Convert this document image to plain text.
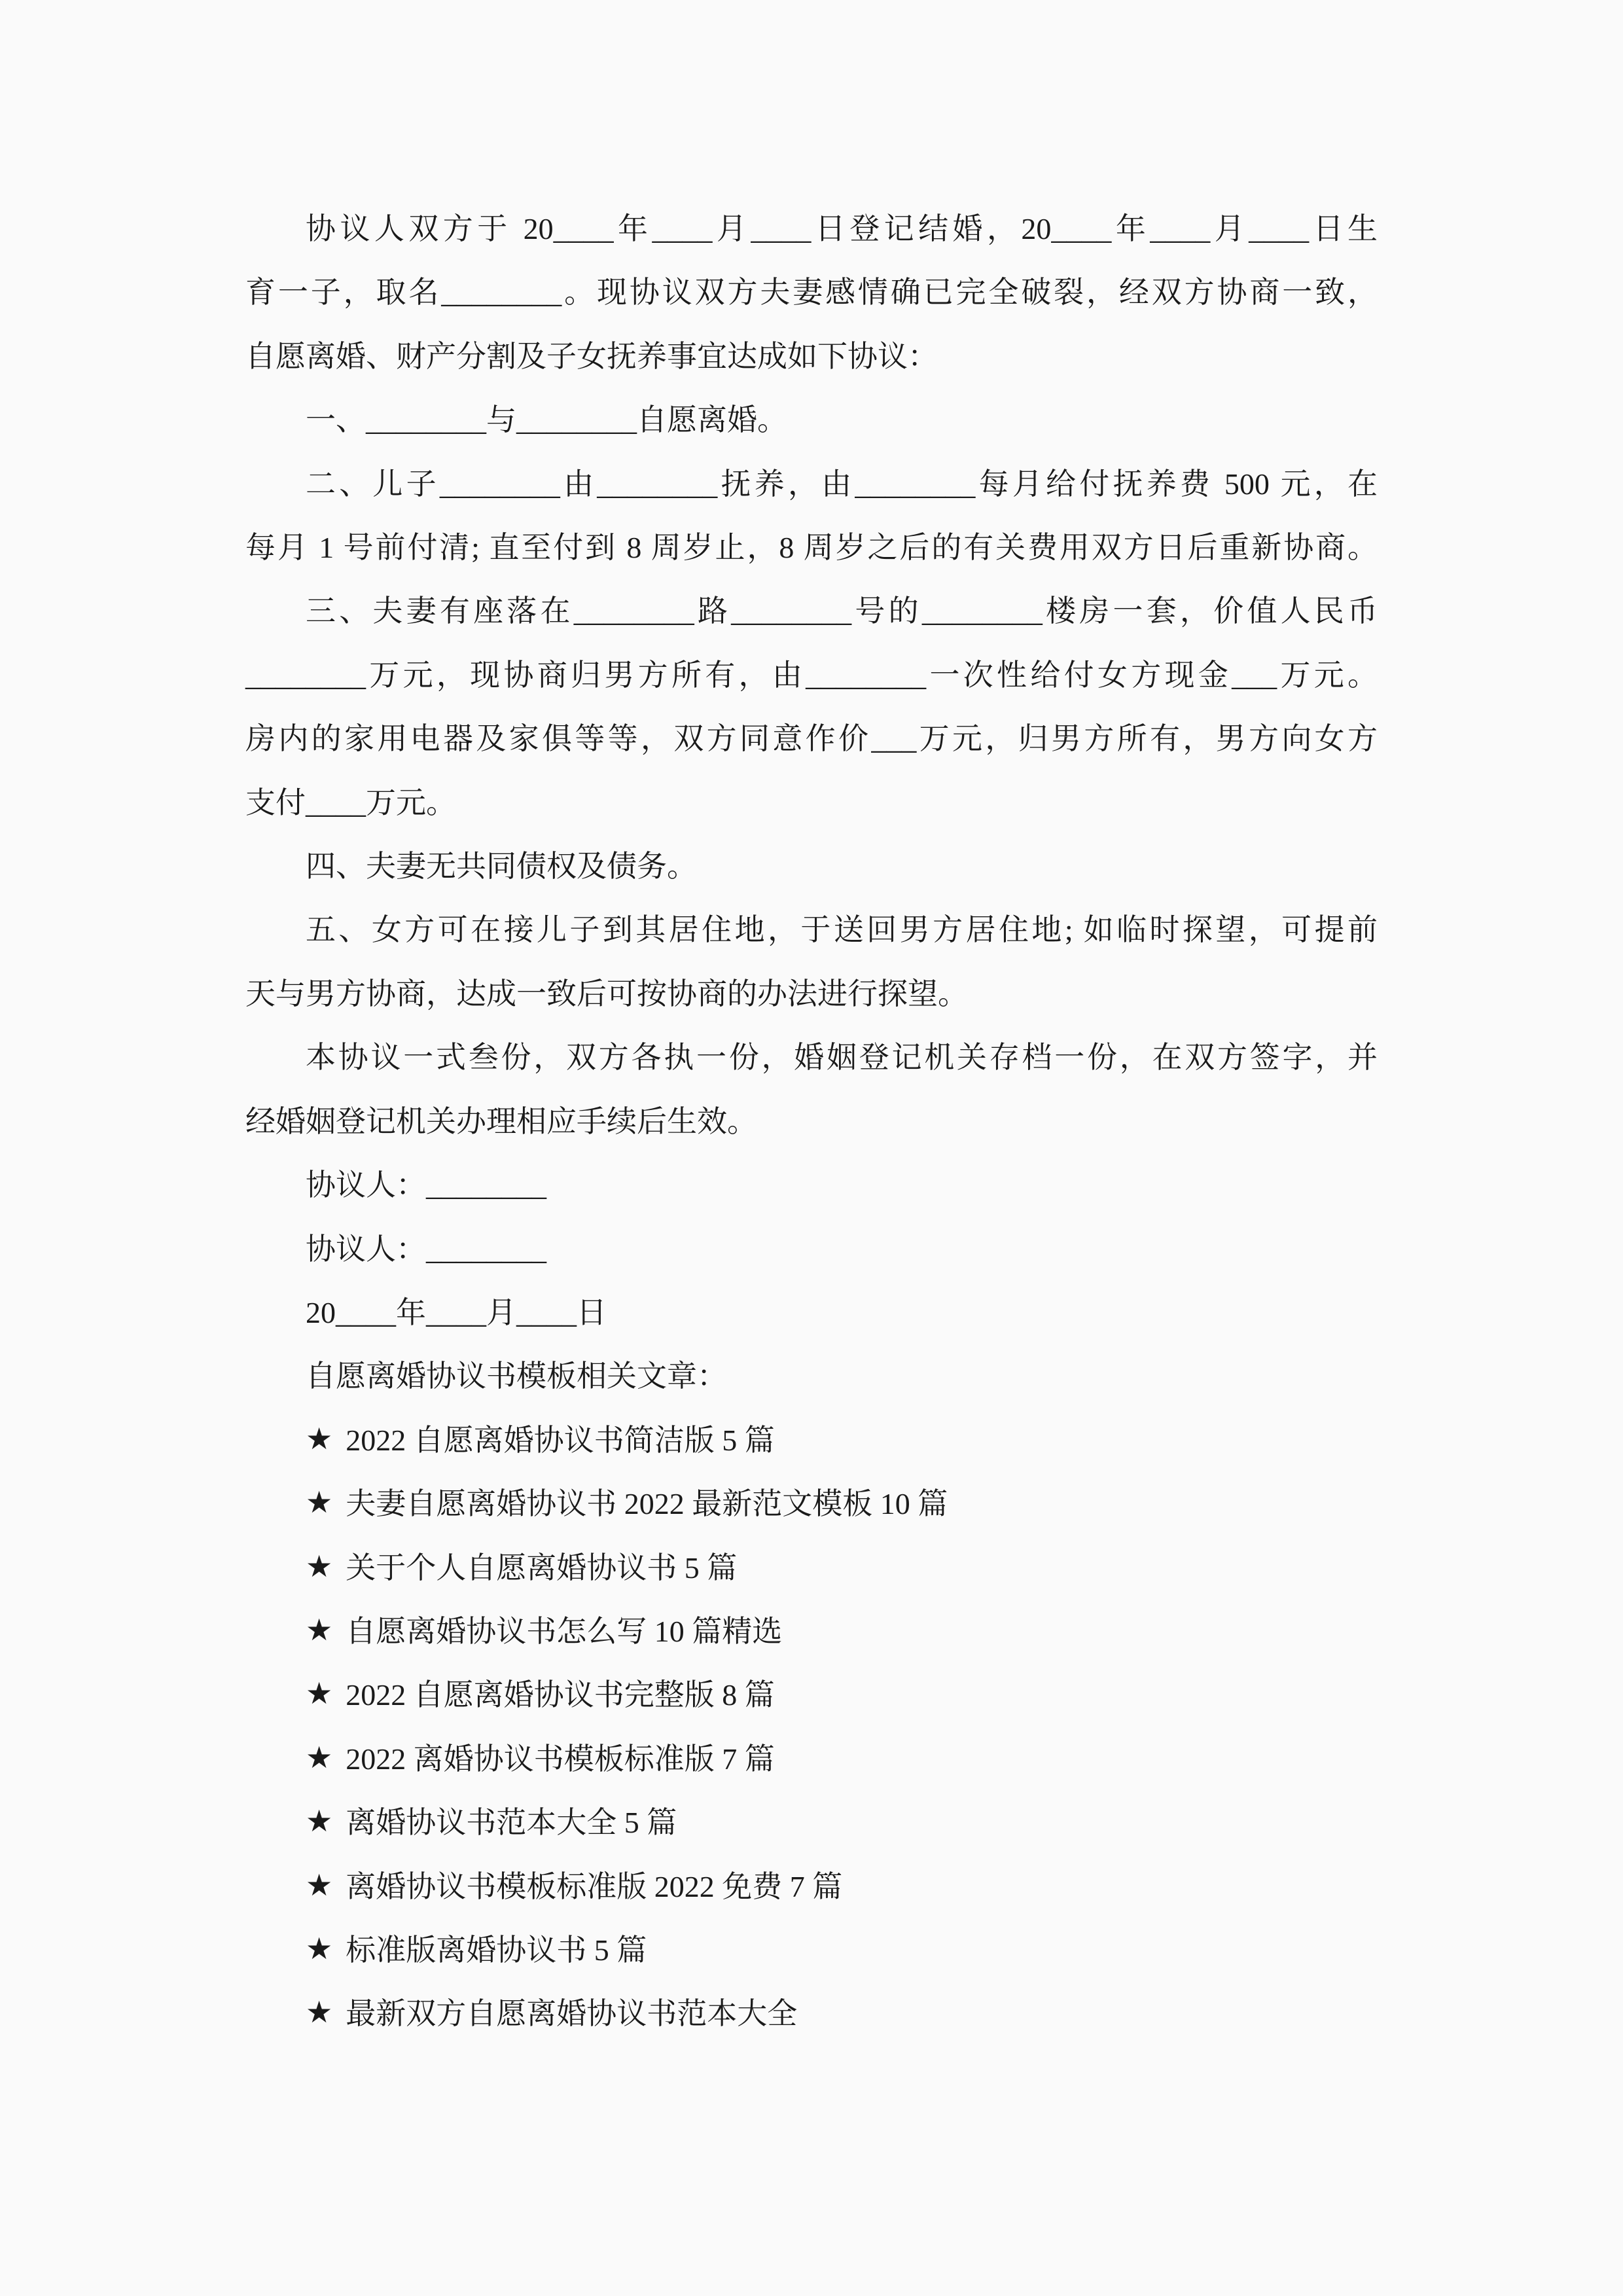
协议人双方于 20____年____月____日登记结婚，20____年____月____日生
育一子，取名________。现协议双方夫妻感情确已完全破裂，经双方协商一致，
自愿离婚、财产分割及子女抚养事宜达成如下协议：
一、________与________自愿离婚。
二、儿子________由________抚养，由________每月给付抚养费 500 元，在
每月 1 号前付清; 直至付到 8 周岁止，8 周岁之后的有关费用双方日后重新协商。
三、夫妻有座落在________路________号的________楼房一套，价值人民币
________万元，现协商归男方所有，由________一次性给付女方现金___万元。
房内的家用电器及家俱等等，双方同意作价___万元，归男方所有，男方向女方
支付____万元。
四、夫妻无共同债权及债务。
五、女方可在接儿子到其居住地，于送回男方居住地; 如临时探望，可提前
天与男方协商，达成一致后可按协商的办法进行探望。
本协议一式叁份，双方各执一份，婚姻登记机关存档一份，在双方签字，并
经婚姻登记机关办理相应手续后生效。
协议人：________
协议人：________
20____年____月____日
自愿离婚协议书模板相关文章：
★ 2022 自愿离婚协议书简洁版 5 篇
★ 夫妻自愿离婚协议书 2022 最新范文模板 10 篇
★ 关于个人自愿离婚协议书 5 篇
★ 自愿离婚协议书怎么写 10 篇精选
★ 2022 自愿离婚协议书完整版 8 篇
★ 2022 离婚协议书模板标准版 7 篇
★ 离婚协议书范本大全 5 篇
★ 离婚协议书模板标准版 2022 免费 7 篇
★ 标准版离婚协议书 5 篇
★ 最新双方自愿离婚协议书范本大全
